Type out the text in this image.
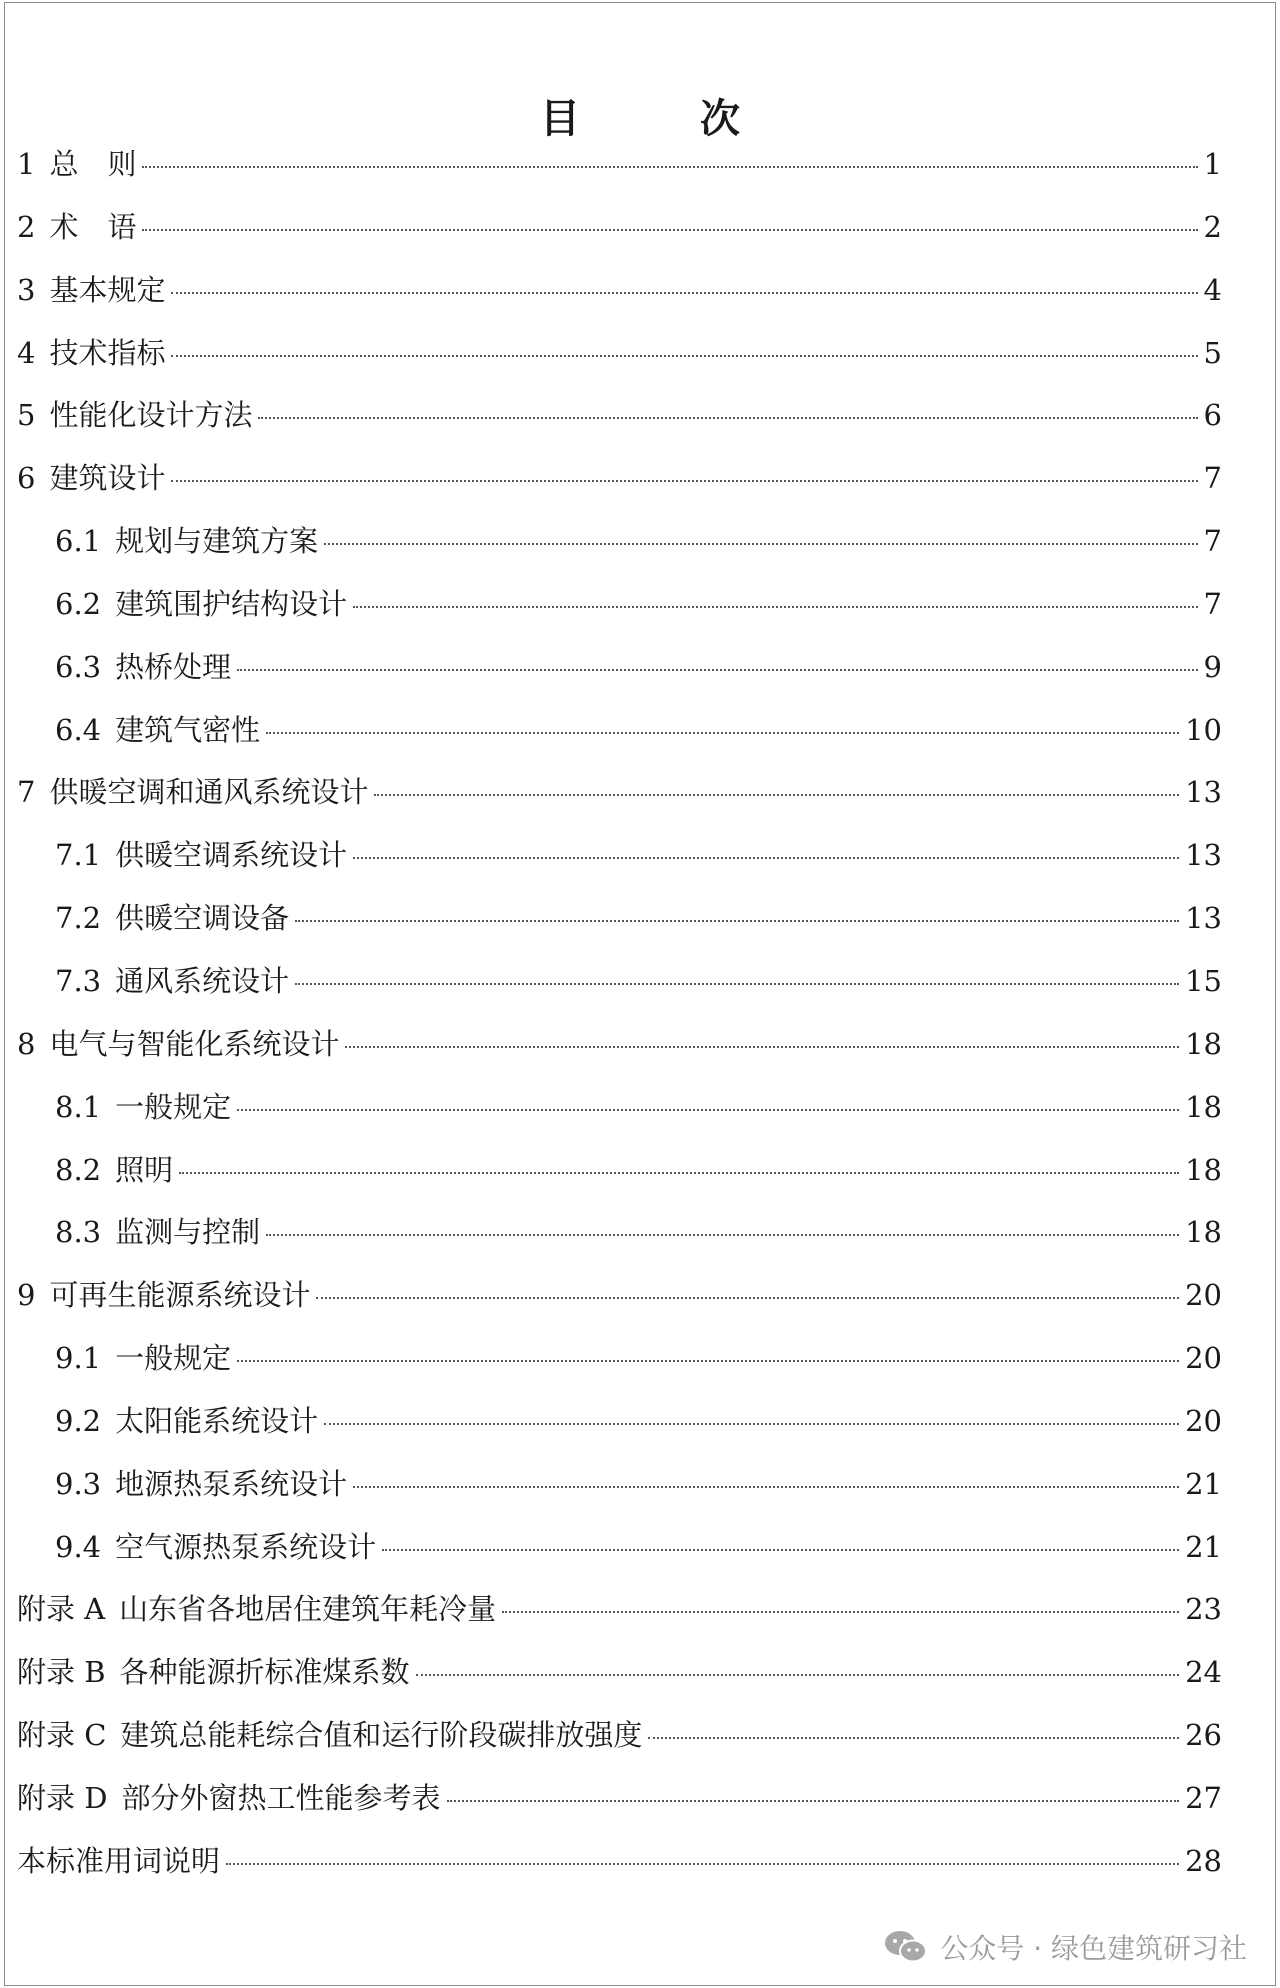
目　次
1 总　则	1
2 术　语	2
3 基本规定	4
4 技术指标	5
5 性能化设计方法	6
6 建筑设计	7
6.1 规划与建筑方案	7
6.2 建筑围护结构设计	7
6.3 热桥处理	9
6.4 建筑气密性	10
7 供暖空调和通风系统设计	13
7.1 供暖空调系统设计	13
7.2 供暖空调设备	13
7.3 通风系统设计	15
8 电气与智能化系统设计	18
8.1 一般规定	18
8.2 照明	18
8.3 监测与控制	18
9 可再生能源系统设计	20
9.1 一般规定	20
9.2 太阳能系统设计	20
9.3 地源热泵系统设计	21
9.4 空气源热泵系统设计	21
附录 A 山东省各地居住建筑年耗冷量	23
附录 B 各种能源折标准煤系数	24
附录 C 建筑总能耗综合值和运行阶段碳排放强度	26
附录 D 部分外窗热工性能参考表	27
本标准用词说明	28
公众号 · 绿色建筑研习社
